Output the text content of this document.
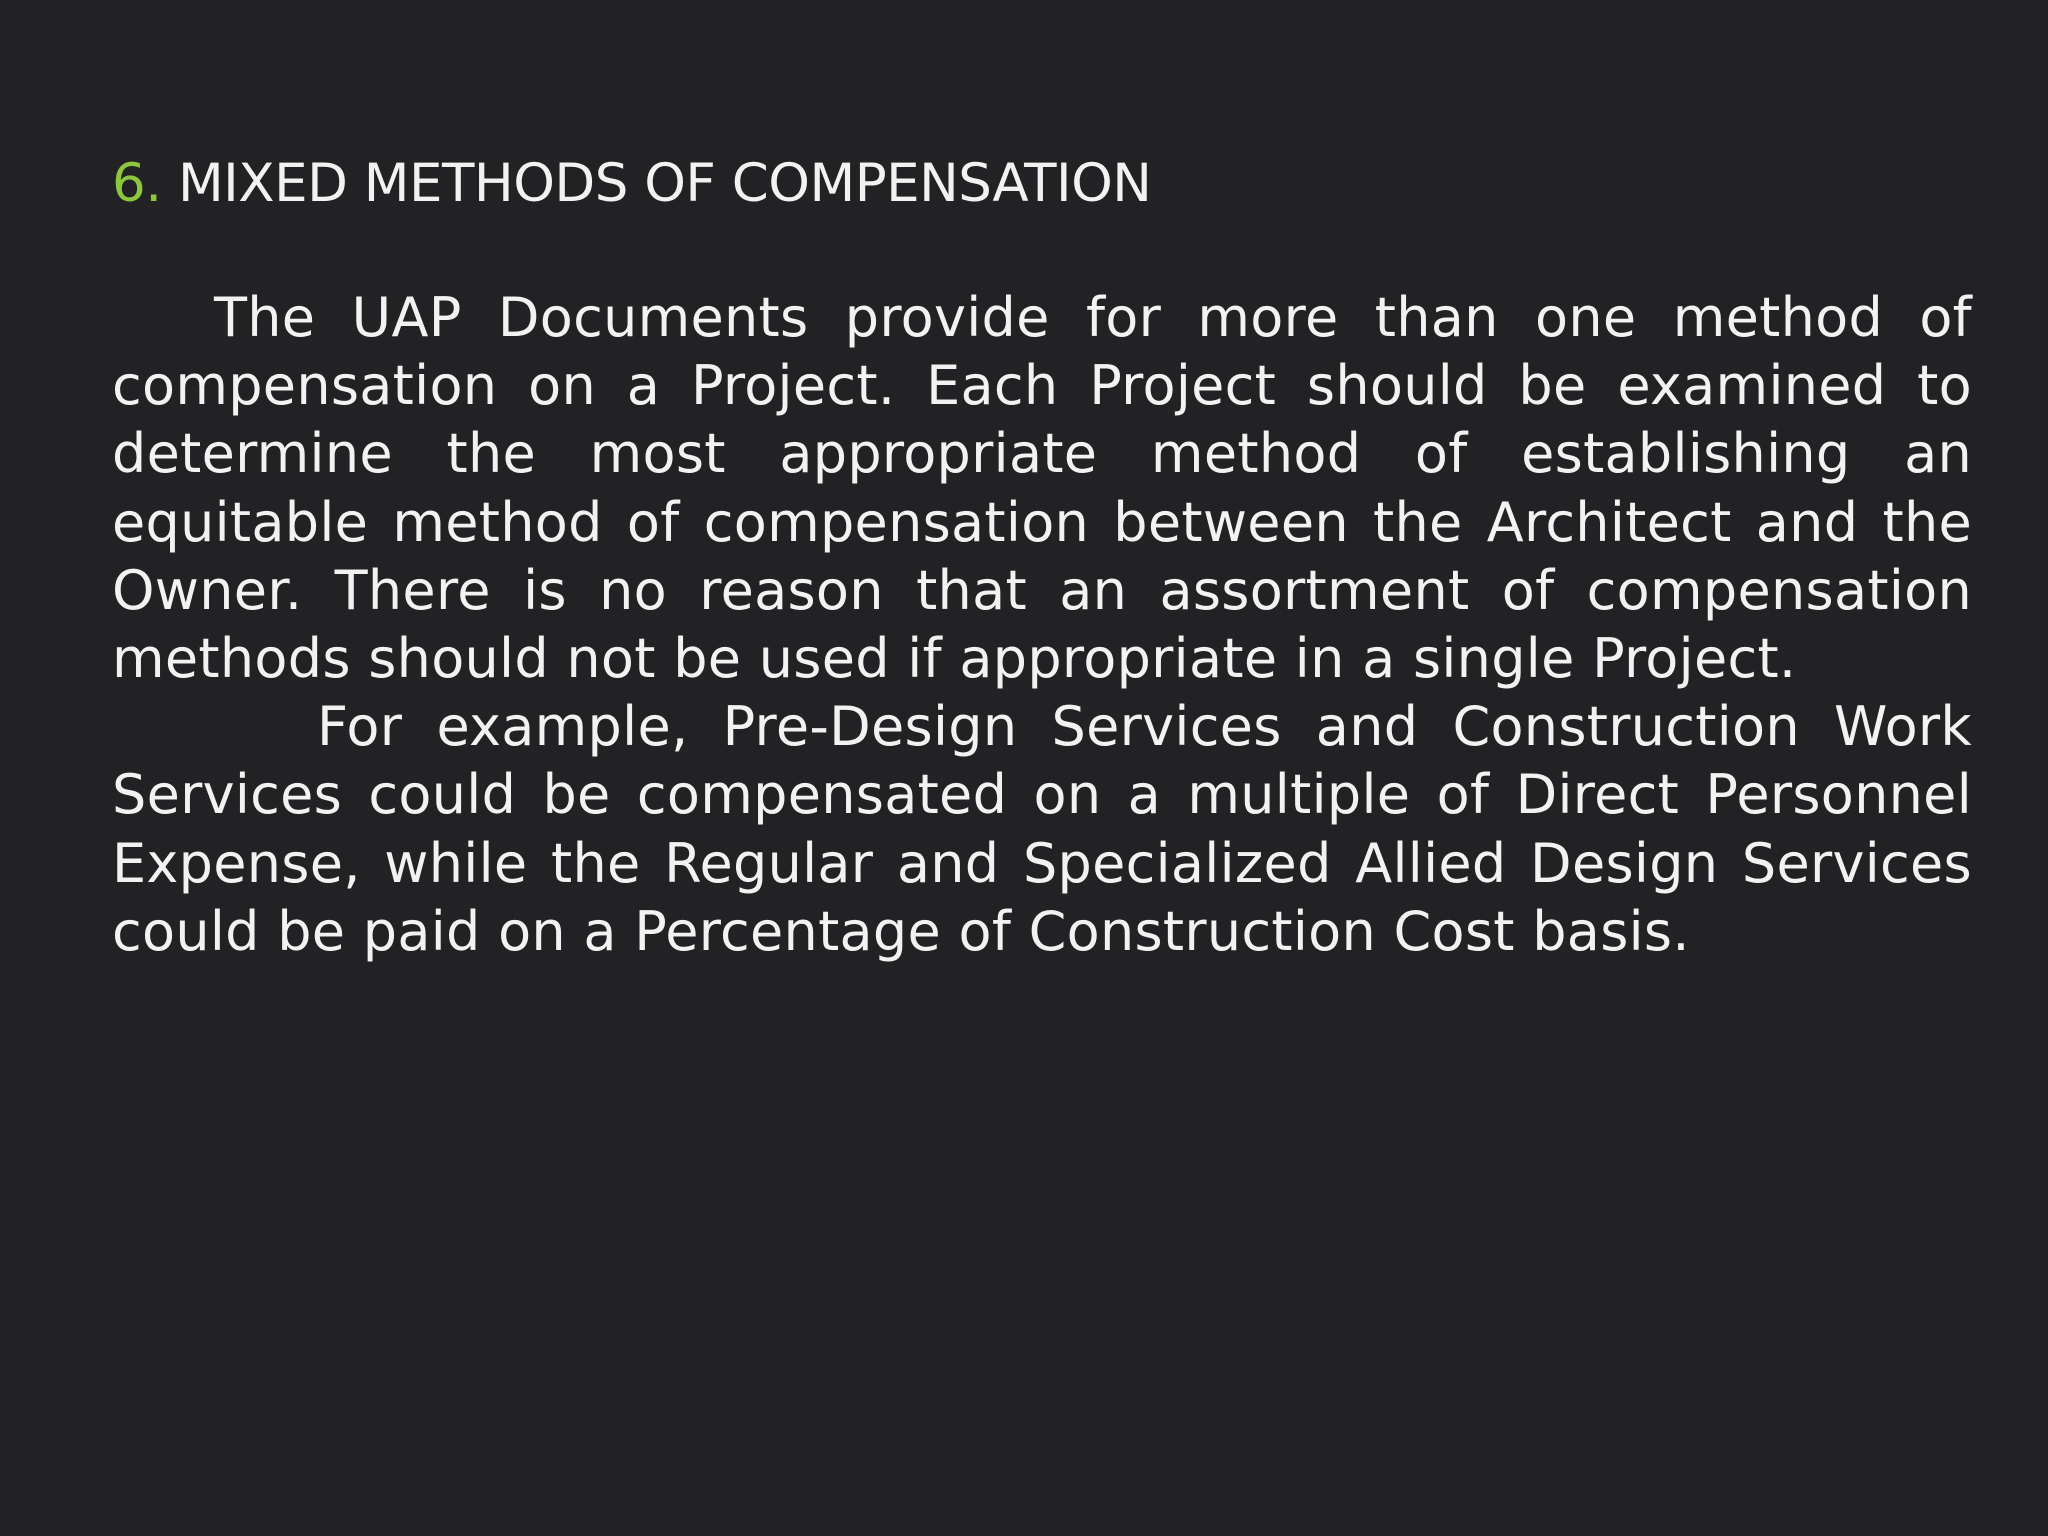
6. MIXED METHODS OF COMPENSATION

The UAP Documents provide for more than one method of compensation on a Project. Each Project should be examined to determine the most appropriate method of establishing an equitable method of compensation between the Architect and the Owner. There is no reason that an assortment of compensation methods should not be used if appropriate in a single Project.

For example, Pre-Design Services and Construction Work Services could be compensated on a multiple of Direct Personnel Expense, while the Regular and Specialized Allied Design Services could be paid on a Percentage of Construction Cost basis.
